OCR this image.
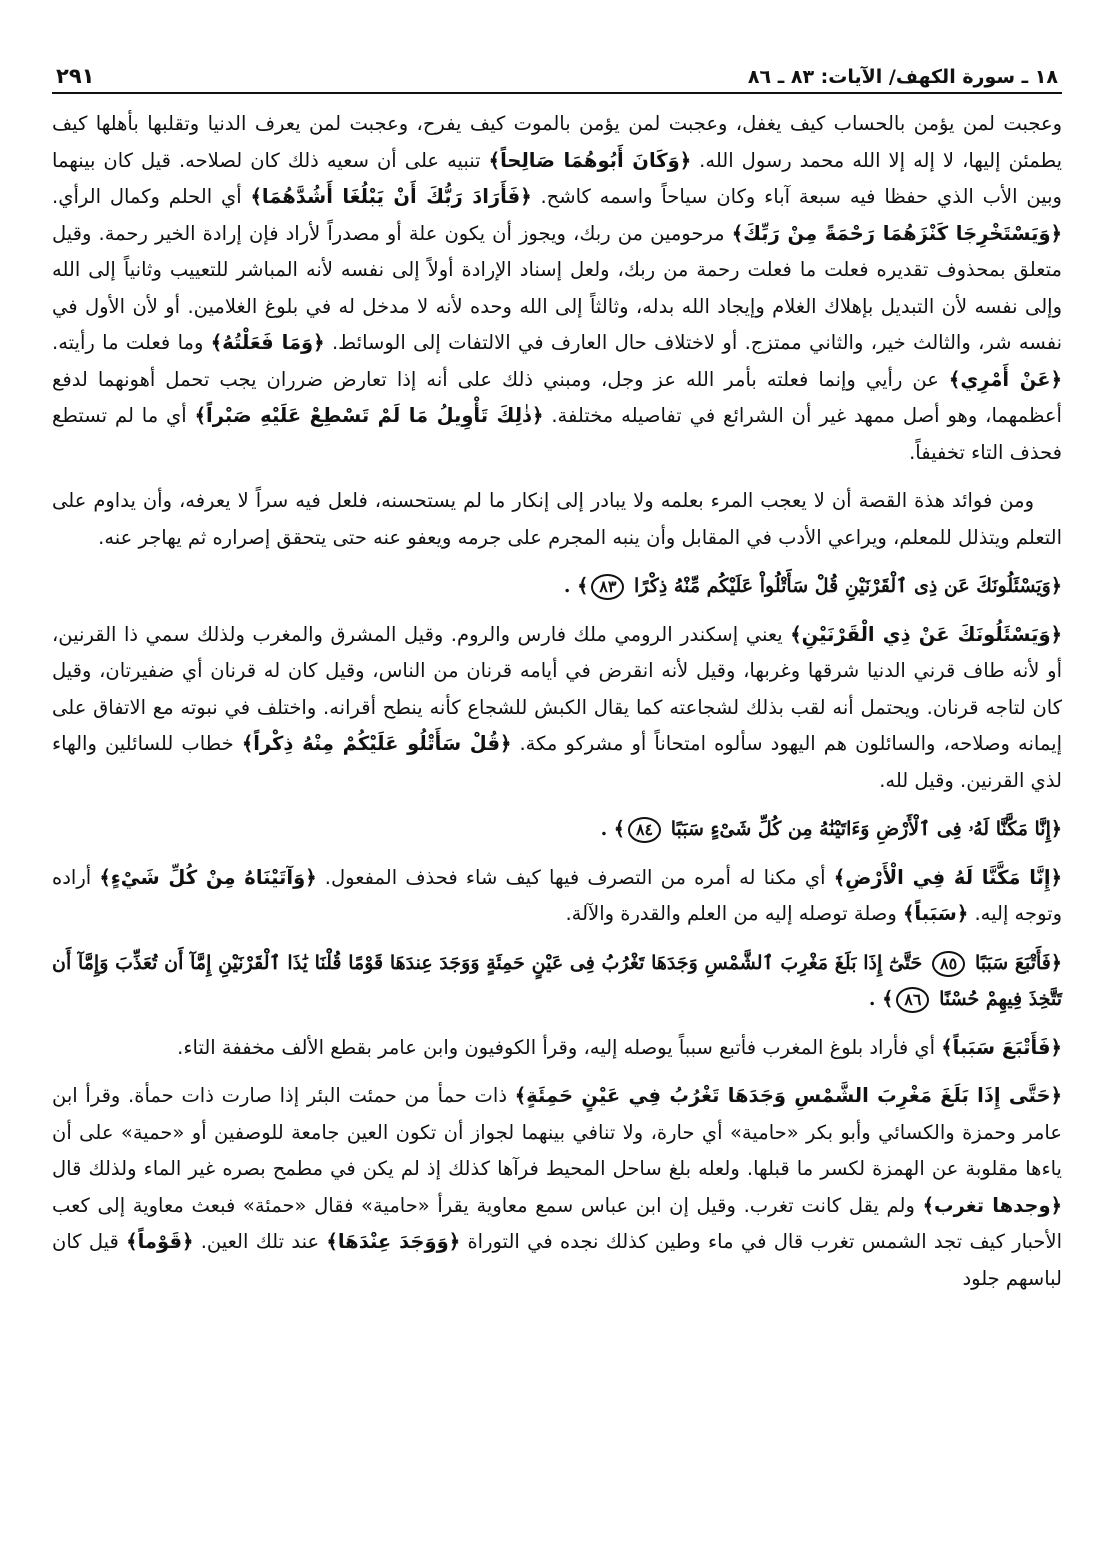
١٨ ـ سورة الكهف/ الآيات: ٨٣ ـ ٨٦
٢٩١

وعجبت لمن يؤمن بالحساب كيف يغفل، وعجبت لمن يؤمن بالموت كيف يفرح، وعجبت لمن يعرف الدنيا وتقلبها بأهلها كيف يطمئن إليها، لا إله إلا الله محمد رسول الله. ﴿وَكَانَ أَبُوهُمَا صَالِحاً﴾ تنبيه على أن سعيه ذلك كان لصلاحه. قيل كان بينهما وبين الأب الذي حفظا فيه سبعة آباء وكان سياحاً واسمه كاشح. ﴿فَأَرَادَ رَبُّكَ أَنْ يَبْلُغَا أَشُدَّهُمَا﴾ أي الحلم وكمال الرأي. ﴿وَيَسْتَخْرِجَا كَنْزَهُمَا رَحْمَةً مِنْ رَبِّكَ﴾ مرحومين من ربك، ويجوز أن يكون علة أو مصدراً لأراد فإن إرادة الخير رحمة. وقيل متعلق بمحذوف تقديره فعلت ما فعلت رحمة من ربك، ولعل إسناد الإرادة أولاً إلى نفسه لأنه المباشر للتعييب وثانياً إلى الله وإلى نفسه لأن التبديل بإهلاك الغلام وإيجاد الله بدله، وثالثاً إلى الله وحده لأنه لا مدخل له في بلوغ الغلامين. أو لأن الأول في نفسه شر، والثالث خير، والثاني ممتزج. أو لاختلاف حال العارف في الالتفات إلى الوسائط. ﴿وَمَا فَعَلْتُهُ﴾ وما فعلت ما رأيته. ﴿عَنْ أَمْرِي﴾ عن رأيي وإنما فعلته بأمر الله عز وجل، ومبني ذلك على أنه إذا تعارض ضرران يجب تحمل أهونهما لدفع أعظمهما، وهو أصل ممهد غير أن الشرائع في تفاصيله مختلفة. ﴿ذٰلِكَ تَأْوِيلُ مَا لَمْ تَسْطِعْ عَلَيْهِ صَبْراً﴾ أي ما لم تستطع فحذف التاء تخفيفاً.

ومن فوائد هذة القصة أن لا يعجب المرء بعلمه ولا يبادر إلى إنكار ما لم يستحسنه، فلعل فيه سراً لا يعرفه، وأن يداوم على التعلم ويتذلل للمعلم، ويراعي الأدب في المقابل وأن ينبه المجرم على جرمه ويعفو عنه حتى يتحقق إصراره ثم يهاجر عنه.

﴿وَيَسْئَلُونَكَ عَن ذِى ٱلْقَرْنَيْنِ قُلْ سَأَتْلُواْ عَلَيْكُم مِّنْهُ ذِكْرًا ٨٣﴾ .

﴿وَيَسْئَلُونَكَ عَنْ ذِي الْقَرْنَيْنِ﴾ يعني إسكندر الرومي ملك فارس والروم. وقيل المشرق والمغرب ولذلك سمي ذا القرنين، أو لأنه طاف قرني الدنيا شرقها وغربها، وقيل لأنه انقرض في أيامه قرنان من الناس، وقيل كان له قرنان أي ضفيرتان، وقيل كان لتاجه قرنان. ويحتمل أنه لقب بذلك لشجاعته كما يقال الكبش للشجاع كأنه ينطح أقرانه. واختلف في نبوته مع الاتفاق على إيمانه وصلاحه، والسائلون هم اليهود سألوه امتحاناً أو مشركو مكة. ﴿قُلْ سَأَتْلُو عَلَيْكُمْ مِنْهُ ذِكْراً﴾ خطاب للسائلين والهاء لذي القرنين. وقيل لله.

﴿إِنَّا مَكَّنَّا لَهُۥ فِى ٱلْأَرْضِ وَءَاتَيْنَٰهُ مِن كُلِّ شَىْءٍ سَبَبًا ٨٤﴾ .

﴿إِنَّا مَكَّنَّا لَهُ فِي الْأَرْضِ﴾ أي مكنا له أمره من التصرف فيها كيف شاء فحذف المفعول. ﴿وَآتَيْنَاهُ مِنْ كُلِّ شَيْءٍ﴾ أراده وتوجه إليه. ﴿سَبَباً﴾ وصلة توصله إليه من العلم والقدرة والآلة.

﴿فَأَتْبَعَ سَبَبًا ٨٥ حَتَّىٰٓ إِذَا بَلَغَ مَغْرِبَ ٱلشَّمْسِ وَجَدَهَا تَغْرُبُ فِى عَيْنٍ حَمِئَةٍ وَوَجَدَ عِندَهَا قَوْمًا قُلْنَا يَٰذَا ٱلْقَرْنَيْنِ إِمَّآ أَن تُعَذِّبَ وَإِمَّآ أَن تَتَّخِذَ فِيهِمْ حُسْنًا ٨٦﴾ .

﴿فَأَتْبَعَ سَبَباً﴾ أي فأراد بلوغ المغرب فأتبع سبباً يوصله إليه، وقرأ الكوفيون وابن عامر بقطع الألف مخففة التاء.

﴿حَتَّى إِذَا بَلَغَ مَغْرِبَ الشَّمْسِ وَجَدَهَا تَغْرُبُ فِي عَيْنٍ حَمِئَةٍ﴾ ذات حمأ من حمئت البئر إذا صارت ذات حمأة. وقرأ ابن عامر وحمزة والكسائي وأبو بكر «حامية» أي حارة، ولا تنافي بينهما لجواز أن تكون العين جامعة للوصفين أو «حمية» على أن ياءها مقلوبة عن الهمزة لكسر ما قبلها. ولعله بلغ ساحل المحيط فرآها كذلك إذ لم يكن في مطمح بصره غير الماء ولذلك قال ﴿وجدها تغرب﴾ ولم يقل كانت تغرب. وقيل إن ابن عباس سمع معاوية يقرأ «حامية» فقال «حمئة» فبعث معاوية إلى كعب الأحبار كيف تجد الشمس تغرب قال في ماء وطين كذلك نجده في التوراة ﴿وَوَجَدَ عِنْدَهَا﴾ عند تلك العين. ﴿قَوْماً﴾ قيل كان لباسهم جلود
